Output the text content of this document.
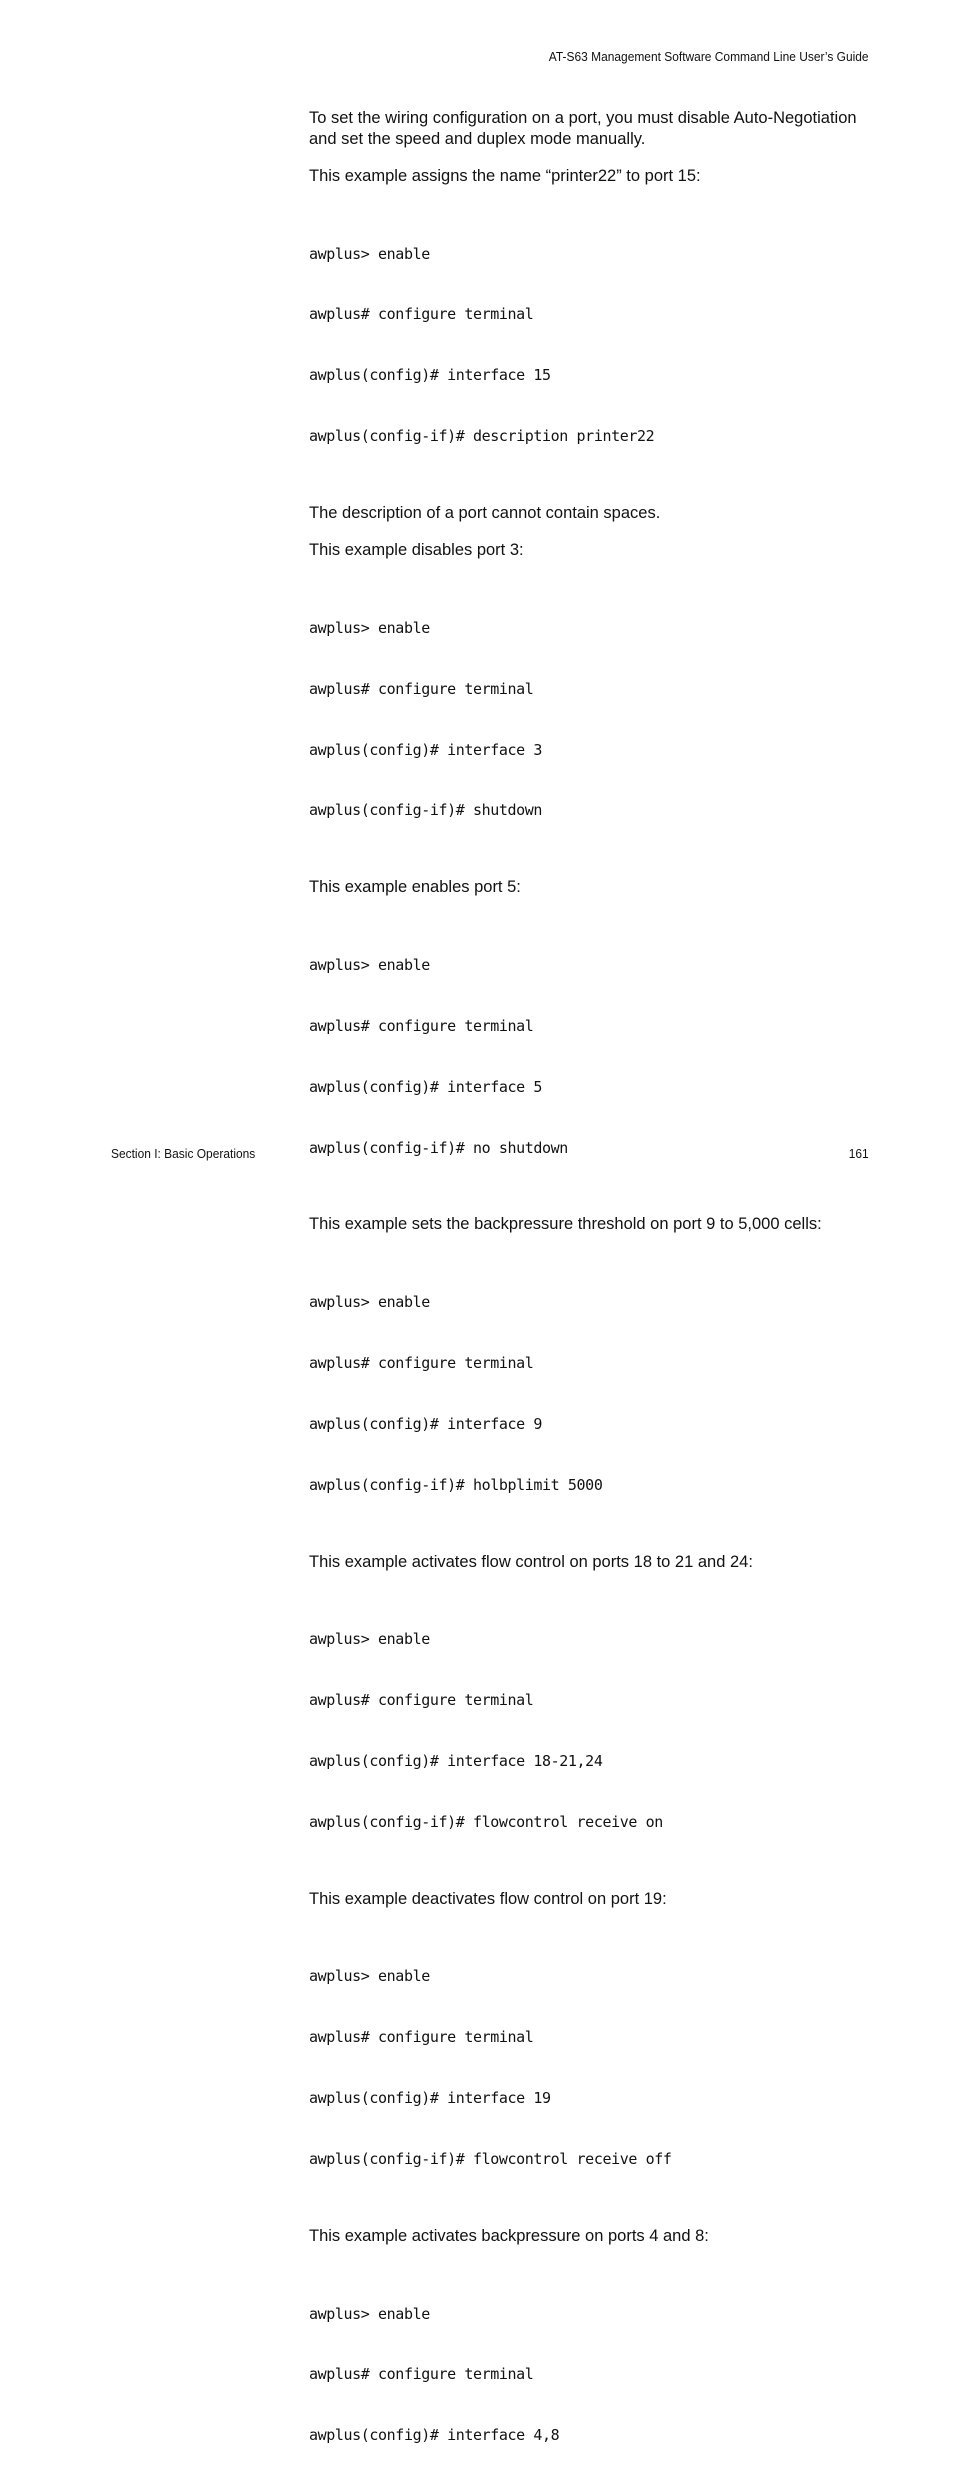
AT-S63 Management Software Command Line User’s Guide

To set the wiring configuration on a port, you must disable Auto-Negotiation and set the speed and duplex mode manually.

This example assigns the name “printer22” to port 15:

awplus> enable

awplus# configure terminal

awplus(config)# interface 15

awplus(config-if)# description printer22

The description of a port cannot contain spaces.

This example disables port 3:

awplus> enable

awplus# configure terminal

awplus(config)# interface 3

awplus(config-if)# shutdown

This example enables port 5:

awplus> enable

awplus# configure terminal

awplus(config)# interface 5

awplus(config-if)# no shutdown

This example sets the backpressure threshold on port 9 to 5,000 cells:

awplus> enable

awplus# configure terminal

awplus(config)# interface 9

awplus(config-if)# holbplimit 5000

This example activates flow control on ports 18 to 21 and 24:

awplus> enable

awplus# configure terminal

awplus(config)# interface 18-21,24

awplus(config-if)# flowcontrol receive on

This example deactivates flow control on port 19:

awplus> enable

awplus# configure terminal

awplus(config)# interface 19

awplus(config-if)# flowcontrol receive off

This example activates backpressure on ports 4 and 8:

awplus> enable

awplus# configure terminal

awplus(config)# interface 4,8

Section I: Basic Operations	161
